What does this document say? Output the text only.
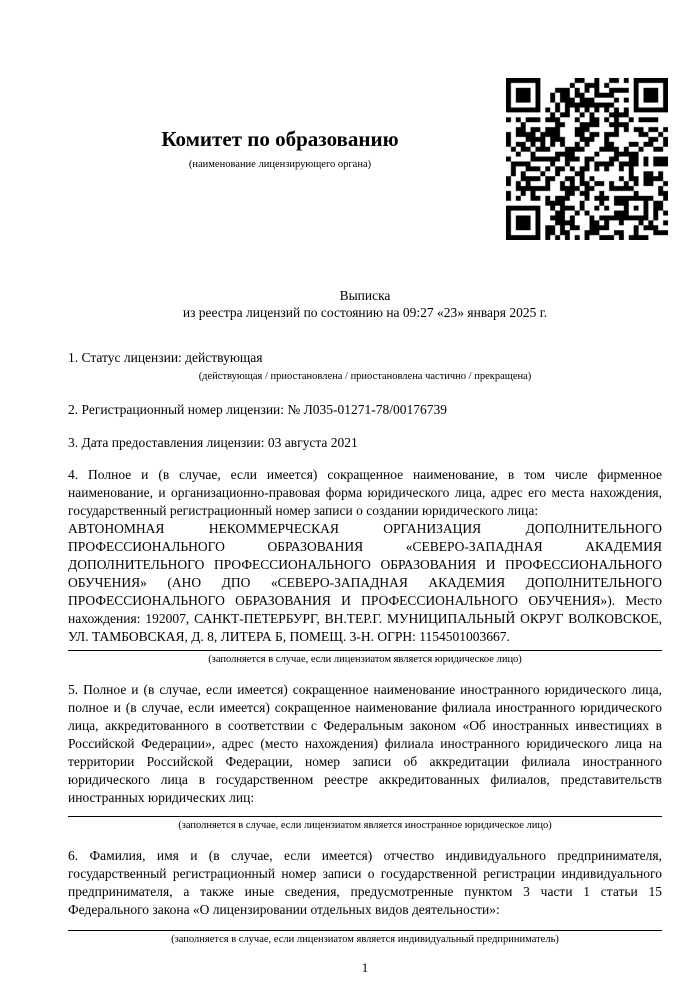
Комитет по образованию
(наименование лицензирующего органа)
Выписка
из реестра лицензий по состоянию на 09:27 «23» января 2025 г.
1. Статус лицензии: действующая
(действующая / приостановлена / приостановлена частично / прекращена)
2. Регистрационный номер лицензии: № Л035-01271-78/00176739
3. Дата предоставления лицензии: 03 августа 2021

4. Полное и (в случае, если имеется) сокращенное наименование, в том числе фирменное наименование, и организационно-правовая форма юридического лица, адрес его места нахождения, государственный регистрационный номер записи о создании юридического лица:

АВТОНОМНАЯ НЕКОММЕРЧЕСКАЯ ОРГАНИЗАЦИЯ ДОПОЛНИТЕЛЬНОГО ПРОФЕССИОНАЛЬНОГО ОБРАЗОВАНИЯ «СЕВЕРО-ЗАПАДНАЯ АКАДЕМИЯ ДОПОЛНИТЕЛЬНОГО ПРОФЕССИОНАЛЬНОГО ОБРАЗОВАНИЯ И ПРОФЕССИОНАЛЬНОГО ОБУЧЕНИЯ» (АНО ДПО «СЕВЕРО-ЗАПАДНАЯ АКАДЕМИЯ ДОПОЛНИТЕЛЬНОГО ПРОФЕССИОНАЛЬНОГО ОБРАЗОВАНИЯ И ПРОФЕССИОНАЛЬНОГО ОБУЧЕНИЯ»). Место нахождения: 192007, САНКТ-ПЕТЕРБУРГ, ВН.ТЕР.Г. МУНИЦИПАЛЬНЫЙ ОКРУГ ВОЛКОВСКОЕ, УЛ. ТАМБОВСКАЯ, Д. 8, ЛИТЕРА Б, ПОМЕЩ. 3-Н. ОГРН: 1154501003667.

(заполняется в случае, если лицензиатом является юридическое лицо)
5. Полное и (в случае, если имеется) сокращенное наименование иностранного юридического лица, полное и (в случае, если имеется) сокращенное наименование филиала иностранного юридического лица, аккредитованного в соответствии с Федеральным законом «Об иностранных инвестициях в Российской Федерации», адрес (место нахождения) филиала иностранного юридического лица на территории Российской Федерации, номер записи об аккредитации филиала иностранного юридического лица в государственном реестре аккредитованных филиалов, представительств иностранных юридических лиц:
(заполняется в случае, если лицензиатом является иностранное юридическое лицо)
6. Фамилия, имя и (в случае, если имеется) отчество индивидуального предпринимателя, государственный регистрационный номер записи о государственной регистрации индивидуального предпринимателя, а также иные сведения, предусмотренные пунктом 3 части 1 статьи 15 Федерального закона «О лицензировании отдельных видов деятельности»:
(заполняется в случае, если лицензиатом является индивидуальный предприниматель)
1
